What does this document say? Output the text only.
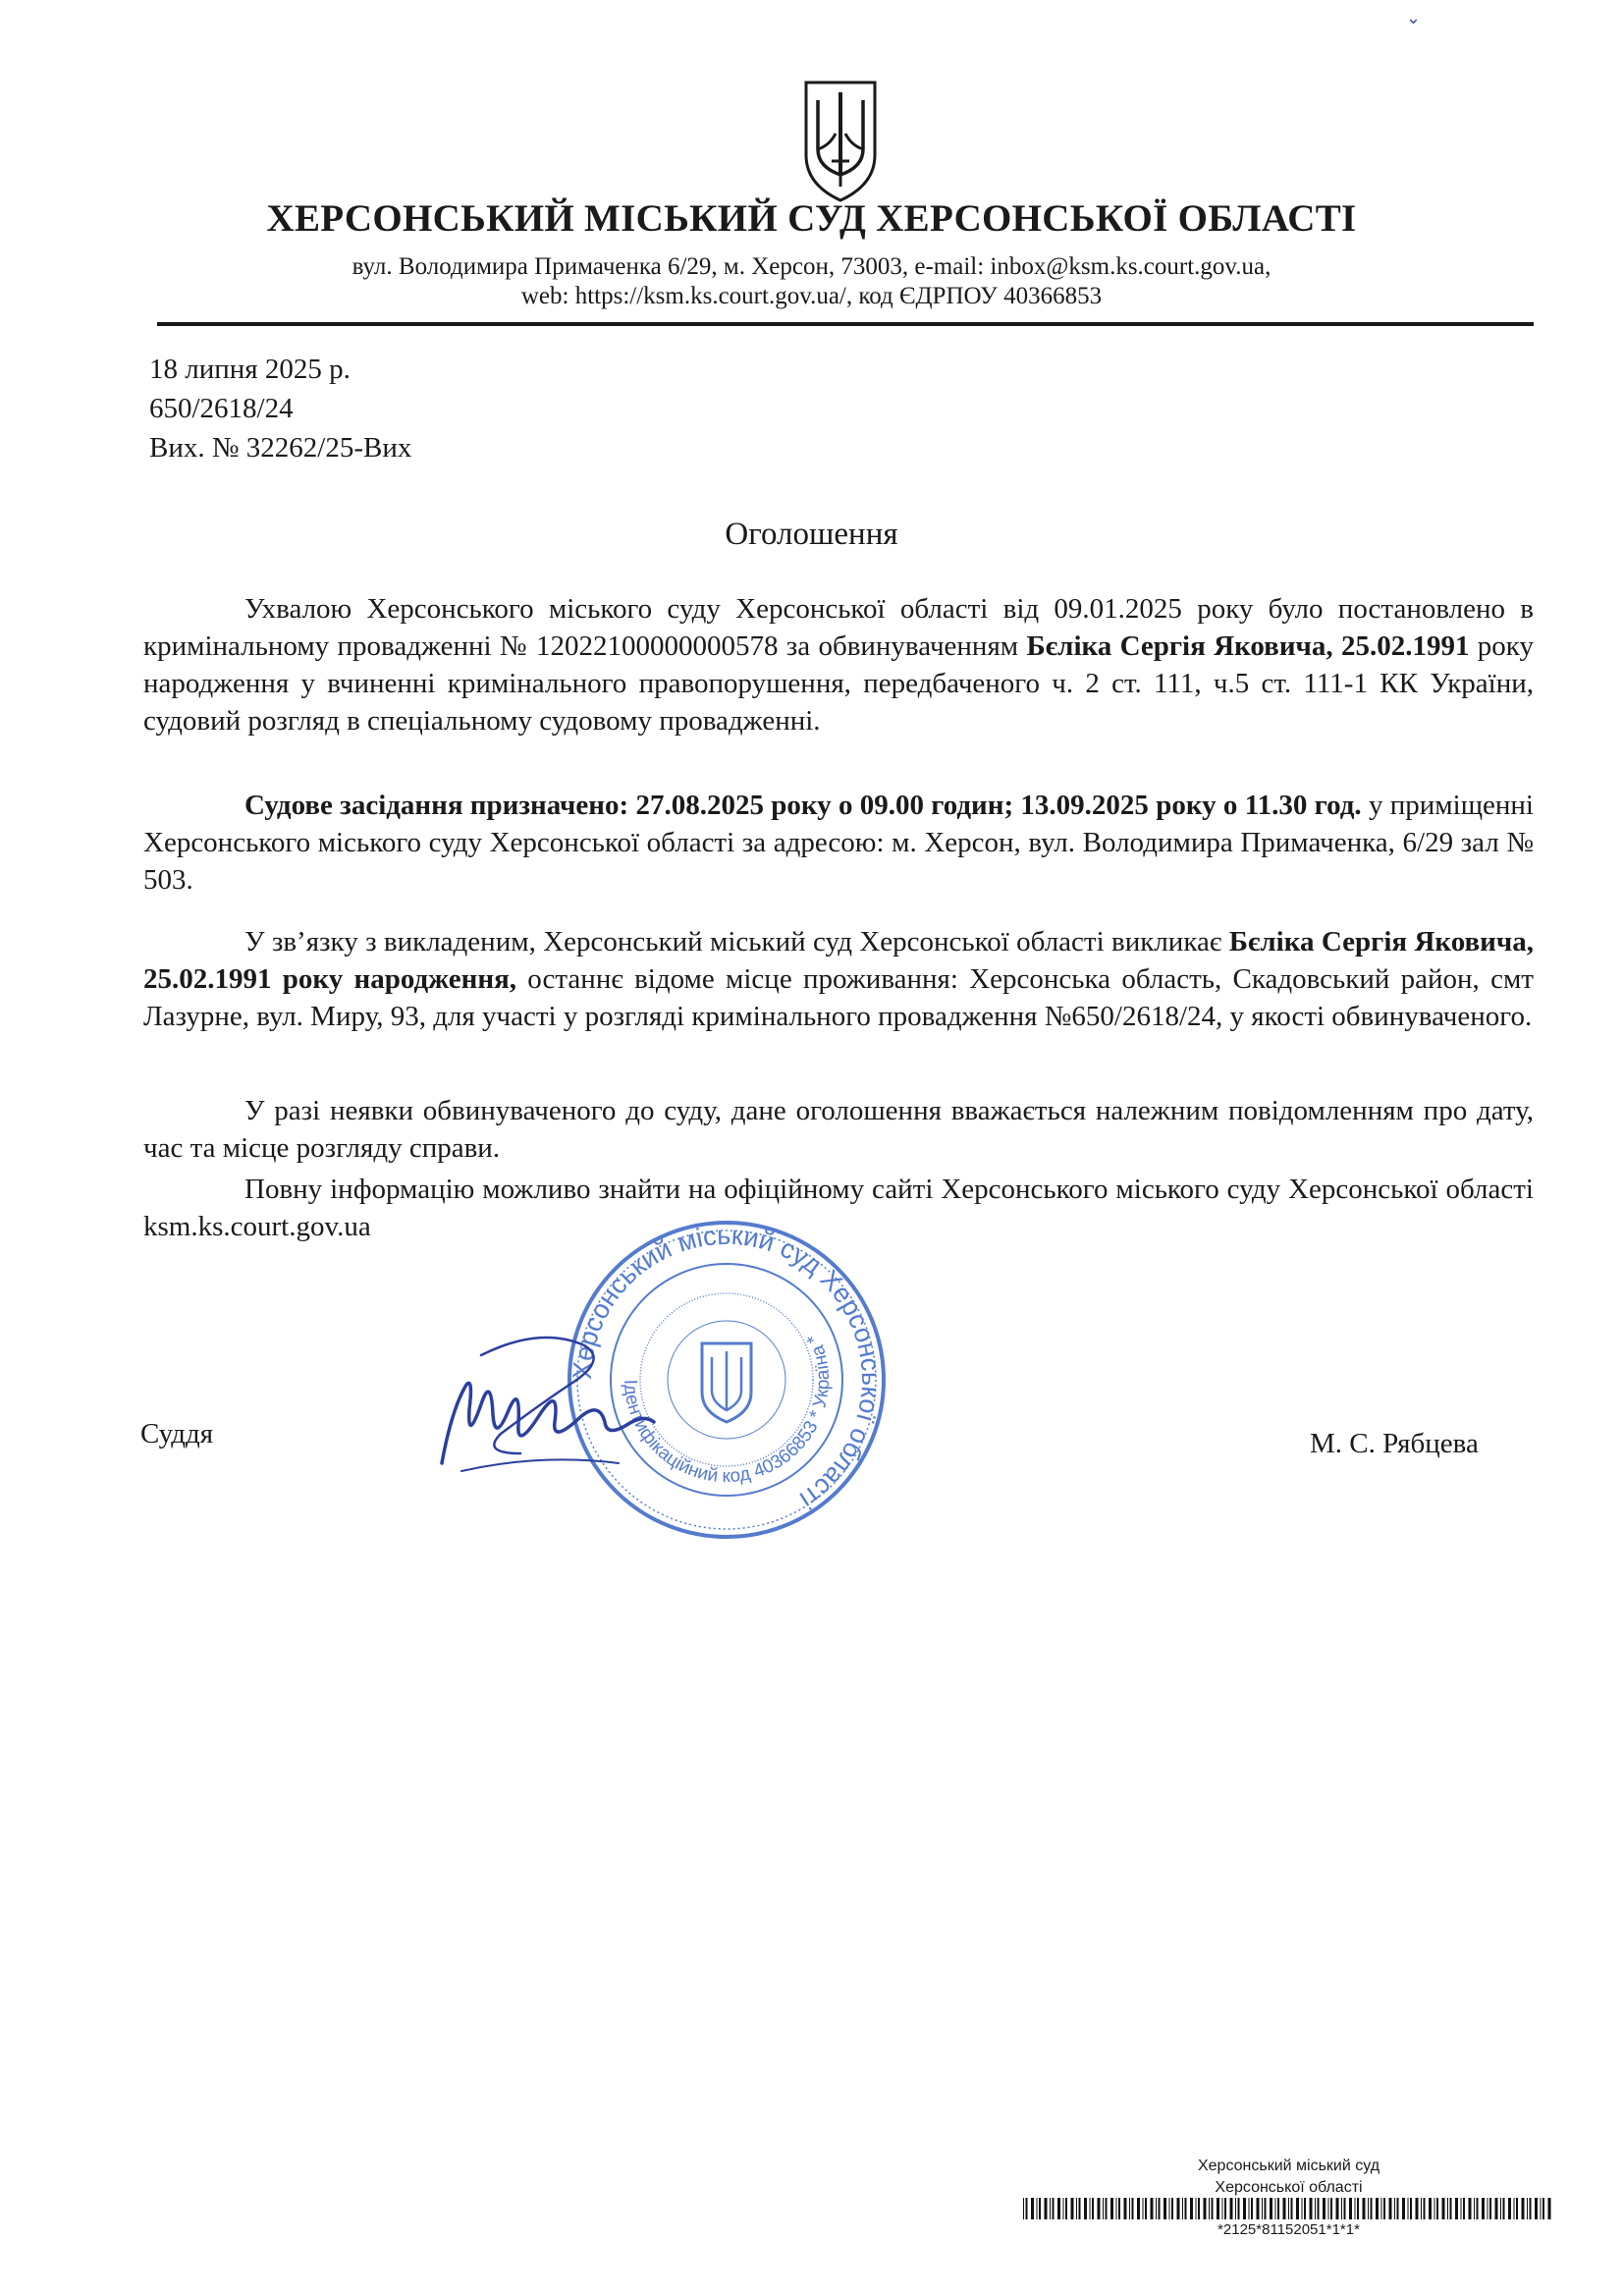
⌄
ХЕРСОНСЬКИЙ МІСЬКИЙ СУД ХЕРСОНСЬКОЇ ОБЛАСТІ
вул. Володимира Примаченка 6/29, м. Херсон, 73003, e-mail: inbox@ksm.ks.court.gov.ua,
web: https://ksm.ks.court.gov.ua/, код ЄДРПОУ 40366853
18 липня 2025 р.
650/2618/24
Вих. № 32262/25-Вих
Оголошення

Ухвалою Херсонського міського суду Херсонської області від 09.01.2025 року було постановлено в кримінальному провадженні № 12022100000000578 за обвинуваченням Бєліка Сергія Яковича, 25.02.1991 року народження у вчиненні кримінального правопорушення, передбаченого ч. 2 ст. 111, ч.5 ст. 111-1 КК України, судовий розгляд в спеціальному судовому провадженні.

Судове засідання призначено: 27.08.2025 року о 09.00 годин; 13.09.2025 року о 11.30 год. у приміщенні Херсонського міського суду Херсонської області за адресою: м. Херсон, вул. Володимира Примаченка, 6/29 зал № 503.

У зв’язку з викладеним, Херсонський міський суд Херсонської області викликає Бєліка Сергія Яковича, 25.02.1991 року народження, останнє відоме місце проживання: Херсонська область, Скадовський район, смт Лазурне, вул. Миру, 93, для участі у розгляді кримінального провадження №650/2618/24, у якості обвинуваченого.

У разі неявки обвинуваченого до суду, дане оголошення вважається належним повідомленням про дату, час та місце розгляду справи.

Повну інформацію можливо знайти на офіційному сайті Херсонського міського суду Херсонської області ksm.ks.court.gov.ua

Херсонський міський суд Херсонської області
Ідентифікаційний код 40366853 * Україна *
Суддя	М. С. Рябцева
Херсонський міський суд
Херсонської області
*2125*81152051*1*1*
